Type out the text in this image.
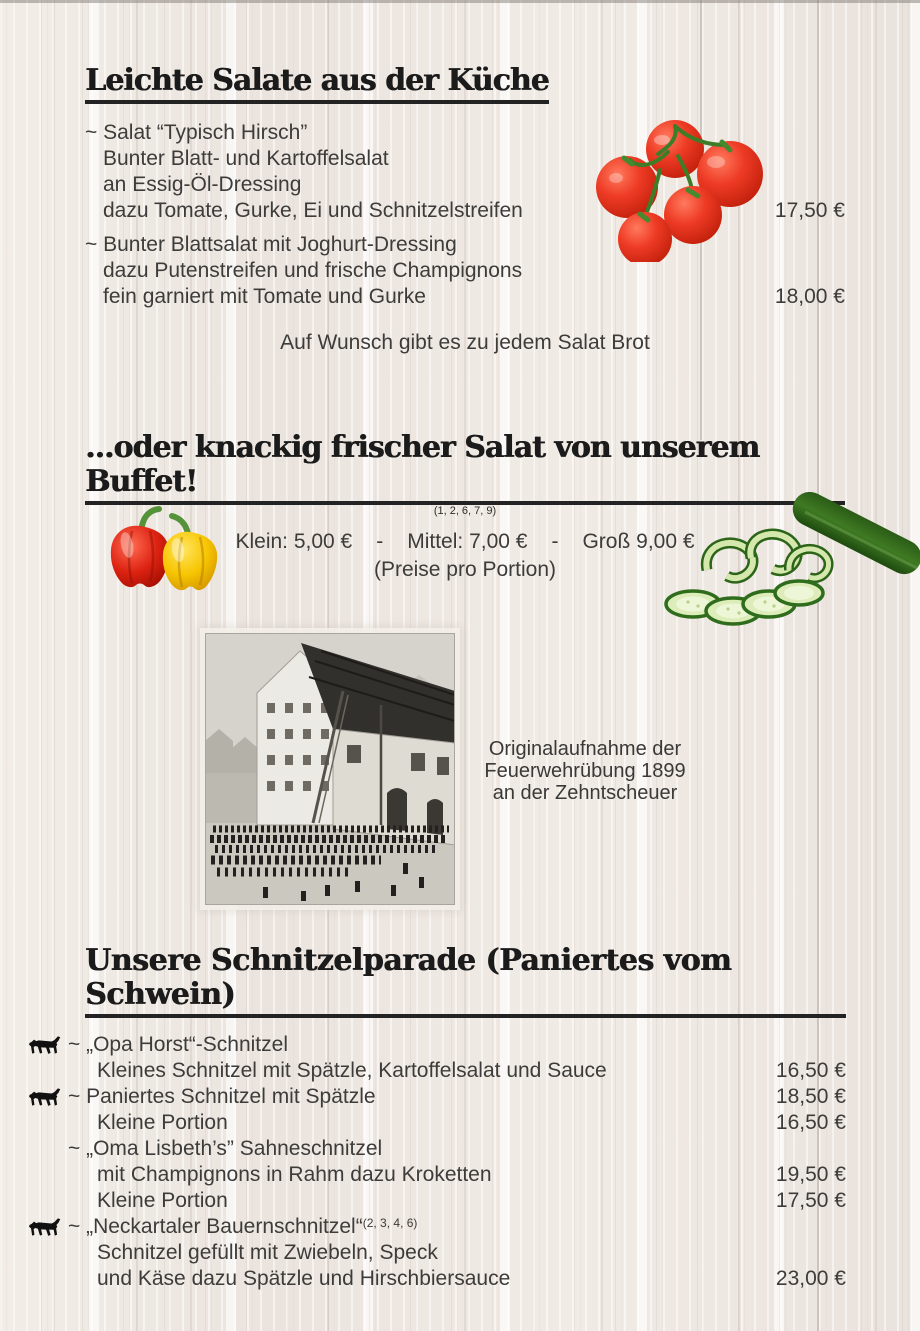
Leichte Salate aus der Küche
~ Salat “Typisch Hirsch”
Bunter Blatt- und Kartoffelsalat
an Essig-Öl-Dressing
dazu Tomate, Gurke, Ei und Schnitzelstreifen	17,50 €
~ Bunter Blattsalat mit Joghurt-Dressing
dazu Putenstreifen und frische Champignons
fein garniert mit Tomate und Gurke	18,00 €
Auf Wunsch gibt es zu jedem Salat Brot
...oder knackig frischer Salat von unserem Buffet!
(1, 2, 6, 7, 9)
Klein: 5,00 € - Mittel: 7,00 € - Groß 9,00 €
(Preise pro Portion)
Originalaufnahme der
Feuerwehrübung 1899
an der Zehntscheuer
Unsere Schnitzelparade (Paniertes vom Schwein)
~ „Opa Horst“-Schnitzel
Kleines Schnitzel mit Spätzle, Kartoffelsalat und Sauce	16,50 €
~ Paniertes Schnitzel mit Spätzle	18,50 €
Kleine Portion	16,50 €
~ „Oma Lisbeth’s” Sahneschnitzel
mit Champignons in Rahm dazu Kroketten	19,50 €
Kleine Portion	17,50 €
~ „Neckartaler Bauernschnitzel“$^{(2, 3, 4, 6)}$
Schnitzel gefüllt mit Zwiebeln, Speck
und Käse dazu Spätzle und Hirschbiersauce	23,00 €
